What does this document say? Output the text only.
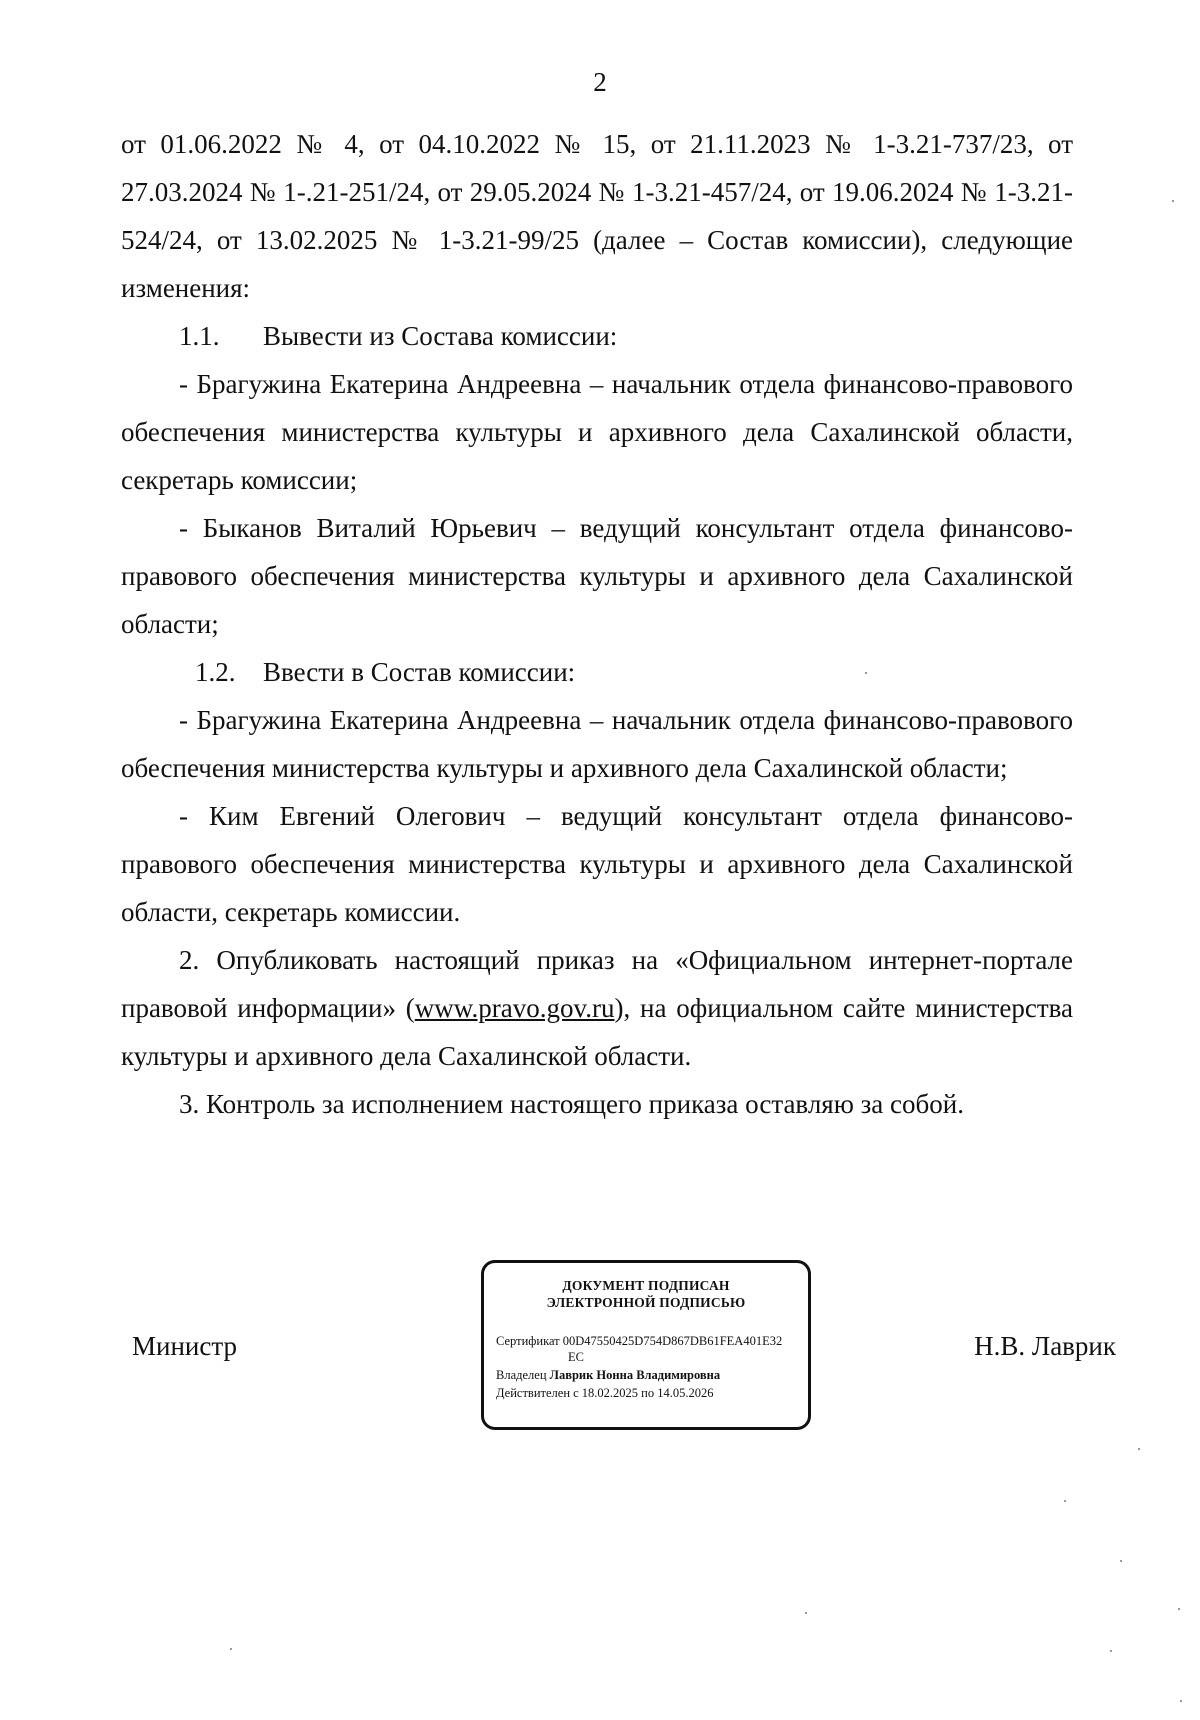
2

от 01.06.2022 № 4, от 04.10.2022 № 15, от 21.11.2023 № 1-3.21-737/23, от 27.03.2024 № 1-.21-251/24, от 29.05.2024 № 1-3.21-457/24, от 19.06.2024 № 1-3.21-524/24, от 13.02.2025 № 1-3.21-99/25 (далее – Состав комиссии), следующие изменения:

1.1. Вывести из Состава комиссии:

- Брагужина Екатерина Андреевна – начальник отдела финансово-правового обеспечения министерства культуры и архивного дела Сахалинской области, секретарь комиссии;

- Быканов Виталий Юрьевич – ведущий консультант отдела финансово-правового обеспечения министерства культуры и архивного дела Сахалинской области;

1.2. Ввести в Состав комиссии:

- Брагужина Екатерина Андреевна – начальник отдела финансово-правового обеспечения министерства культуры и архивного дела Сахалинской области;

- Ким Евгений Олегович – ведущий консультант отдела финансово-правового обеспечения министерства культуры и архивного дела Сахалинской области, секретарь комиссии.

2. Опубликовать настоящий приказ на «Официальном интернет-портале правовой информации» (www.pravo.gov.ru), на официальном сайте министерства культуры и архивного дела Сахалинской области.

3. Контроль за исполнением настоящего приказа оставляю за собой.

Министр
ДОКУМЕНТ ПОДПИСАН
ЭЛЕКТРОННОЙ ПОДПИСЬЮ
Сертификат 00D47550425D754D867DB61FEA401E32
EC
Владелец Лаврик Нонна Владимировна
Действителен с 18.02.2025 по 14.05.2026
Н.В. Лаврик
